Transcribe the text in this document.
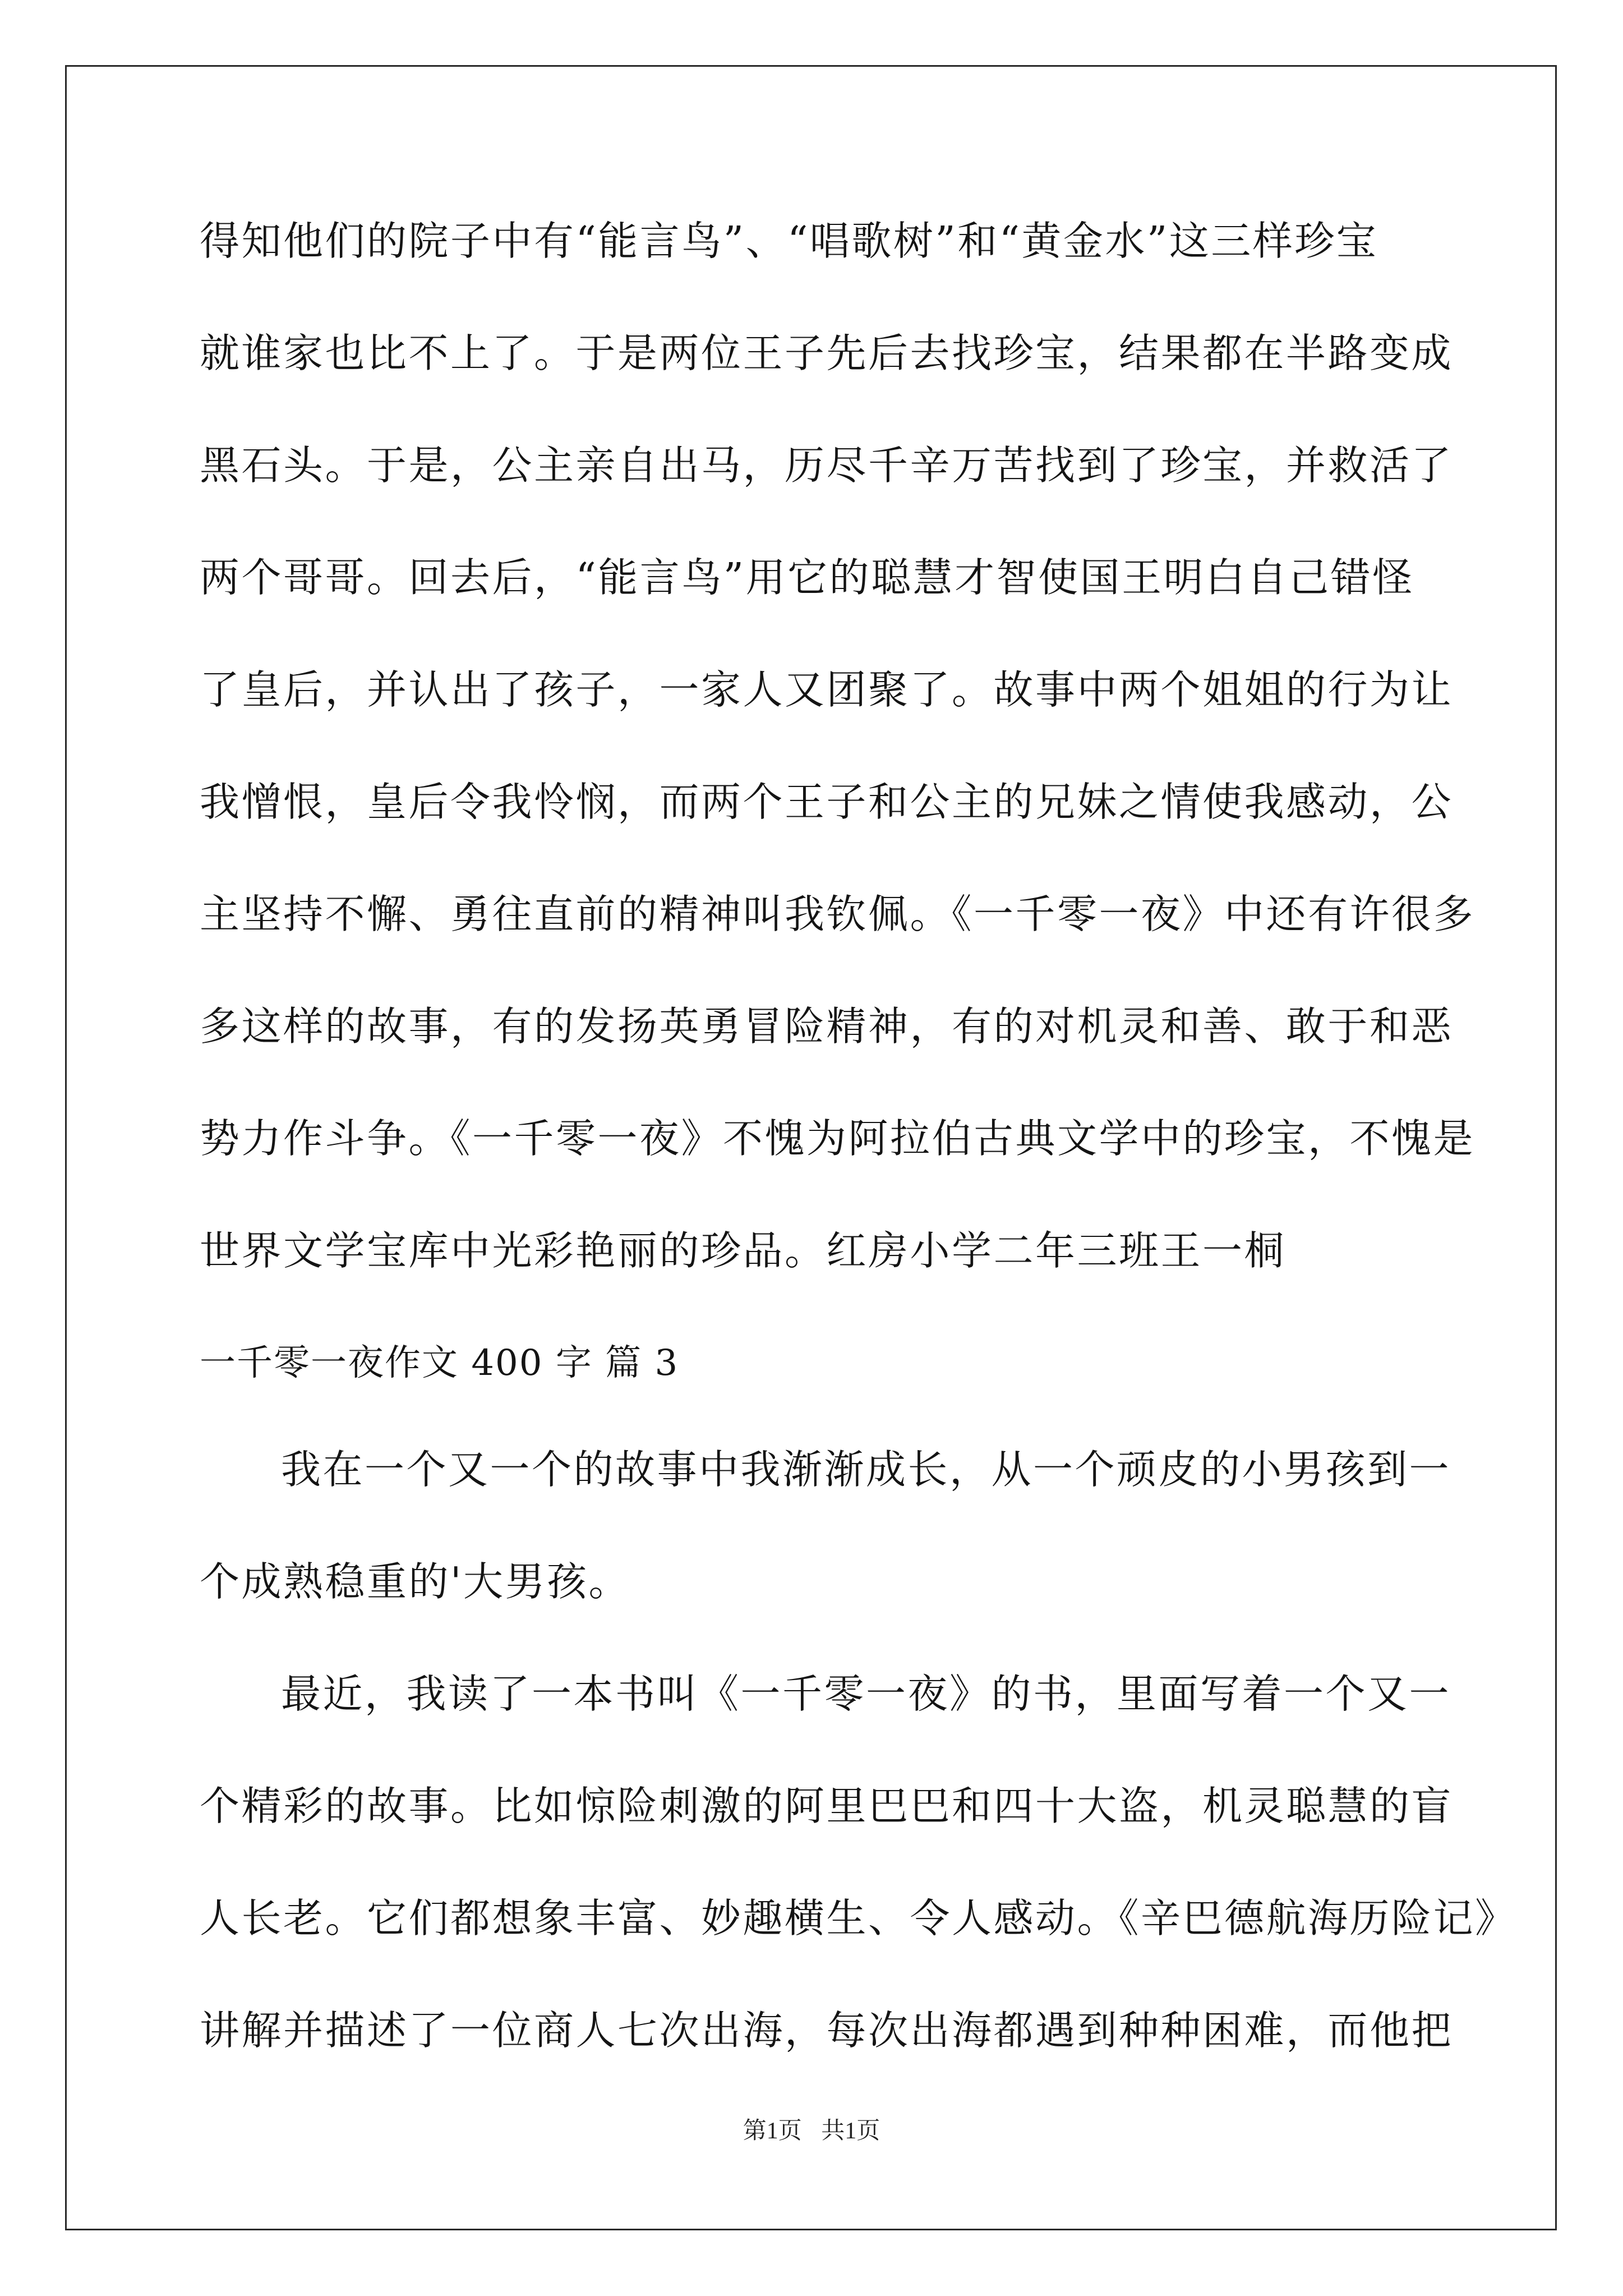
得知他们的院子中有“能言鸟”、“唱歌树”和“黄金水”这三样珍宝
就谁家也比不上了。于是两位王子先后去找珍宝，结果都在半路变成
黑石头。于是，公主亲自出马，历尽千辛万苦找到了珍宝，并救活了
两个哥哥。回去后，“能言鸟”用它的聪慧才智使国王明白自己错怪
了皇后，并认出了孩子，一家人又团聚了。故事中两个姐姐的行为让
我憎恨，皇后令我怜悯，而两个王子和公主的兄妹之情使我感动，公
主坚持不懈、勇往直前的精神叫我钦佩。《一千零一夜》中还有许很多
多这样的故事，有的发扬英勇冒险精神，有的对机灵和善、敢于和恶
势力作斗争。《一千零一夜》不愧为阿拉伯古典文学中的珍宝，不愧是
世界文学宝库中光彩艳丽的珍品。红房小学二年三班王一桐
一千零一夜作文 400 字 篇 3
我在一个又一个的故事中我渐渐成长，从一个顽皮的小男孩到一
个成熟稳重的'大男孩。
最近，我读了一本书叫《一千零一夜》的书，里面写着一个又一
个精彩的故事。比如惊险刺激的阿里巴巴和四十大盗，机灵聪慧的盲
人长老。它们都想象丰富、妙趣横生、令人感动。《辛巴德航海历险记》
讲解并描述了一位商人七次出海，每次出海都遇到种种困难，而他把
第1页 共1页
